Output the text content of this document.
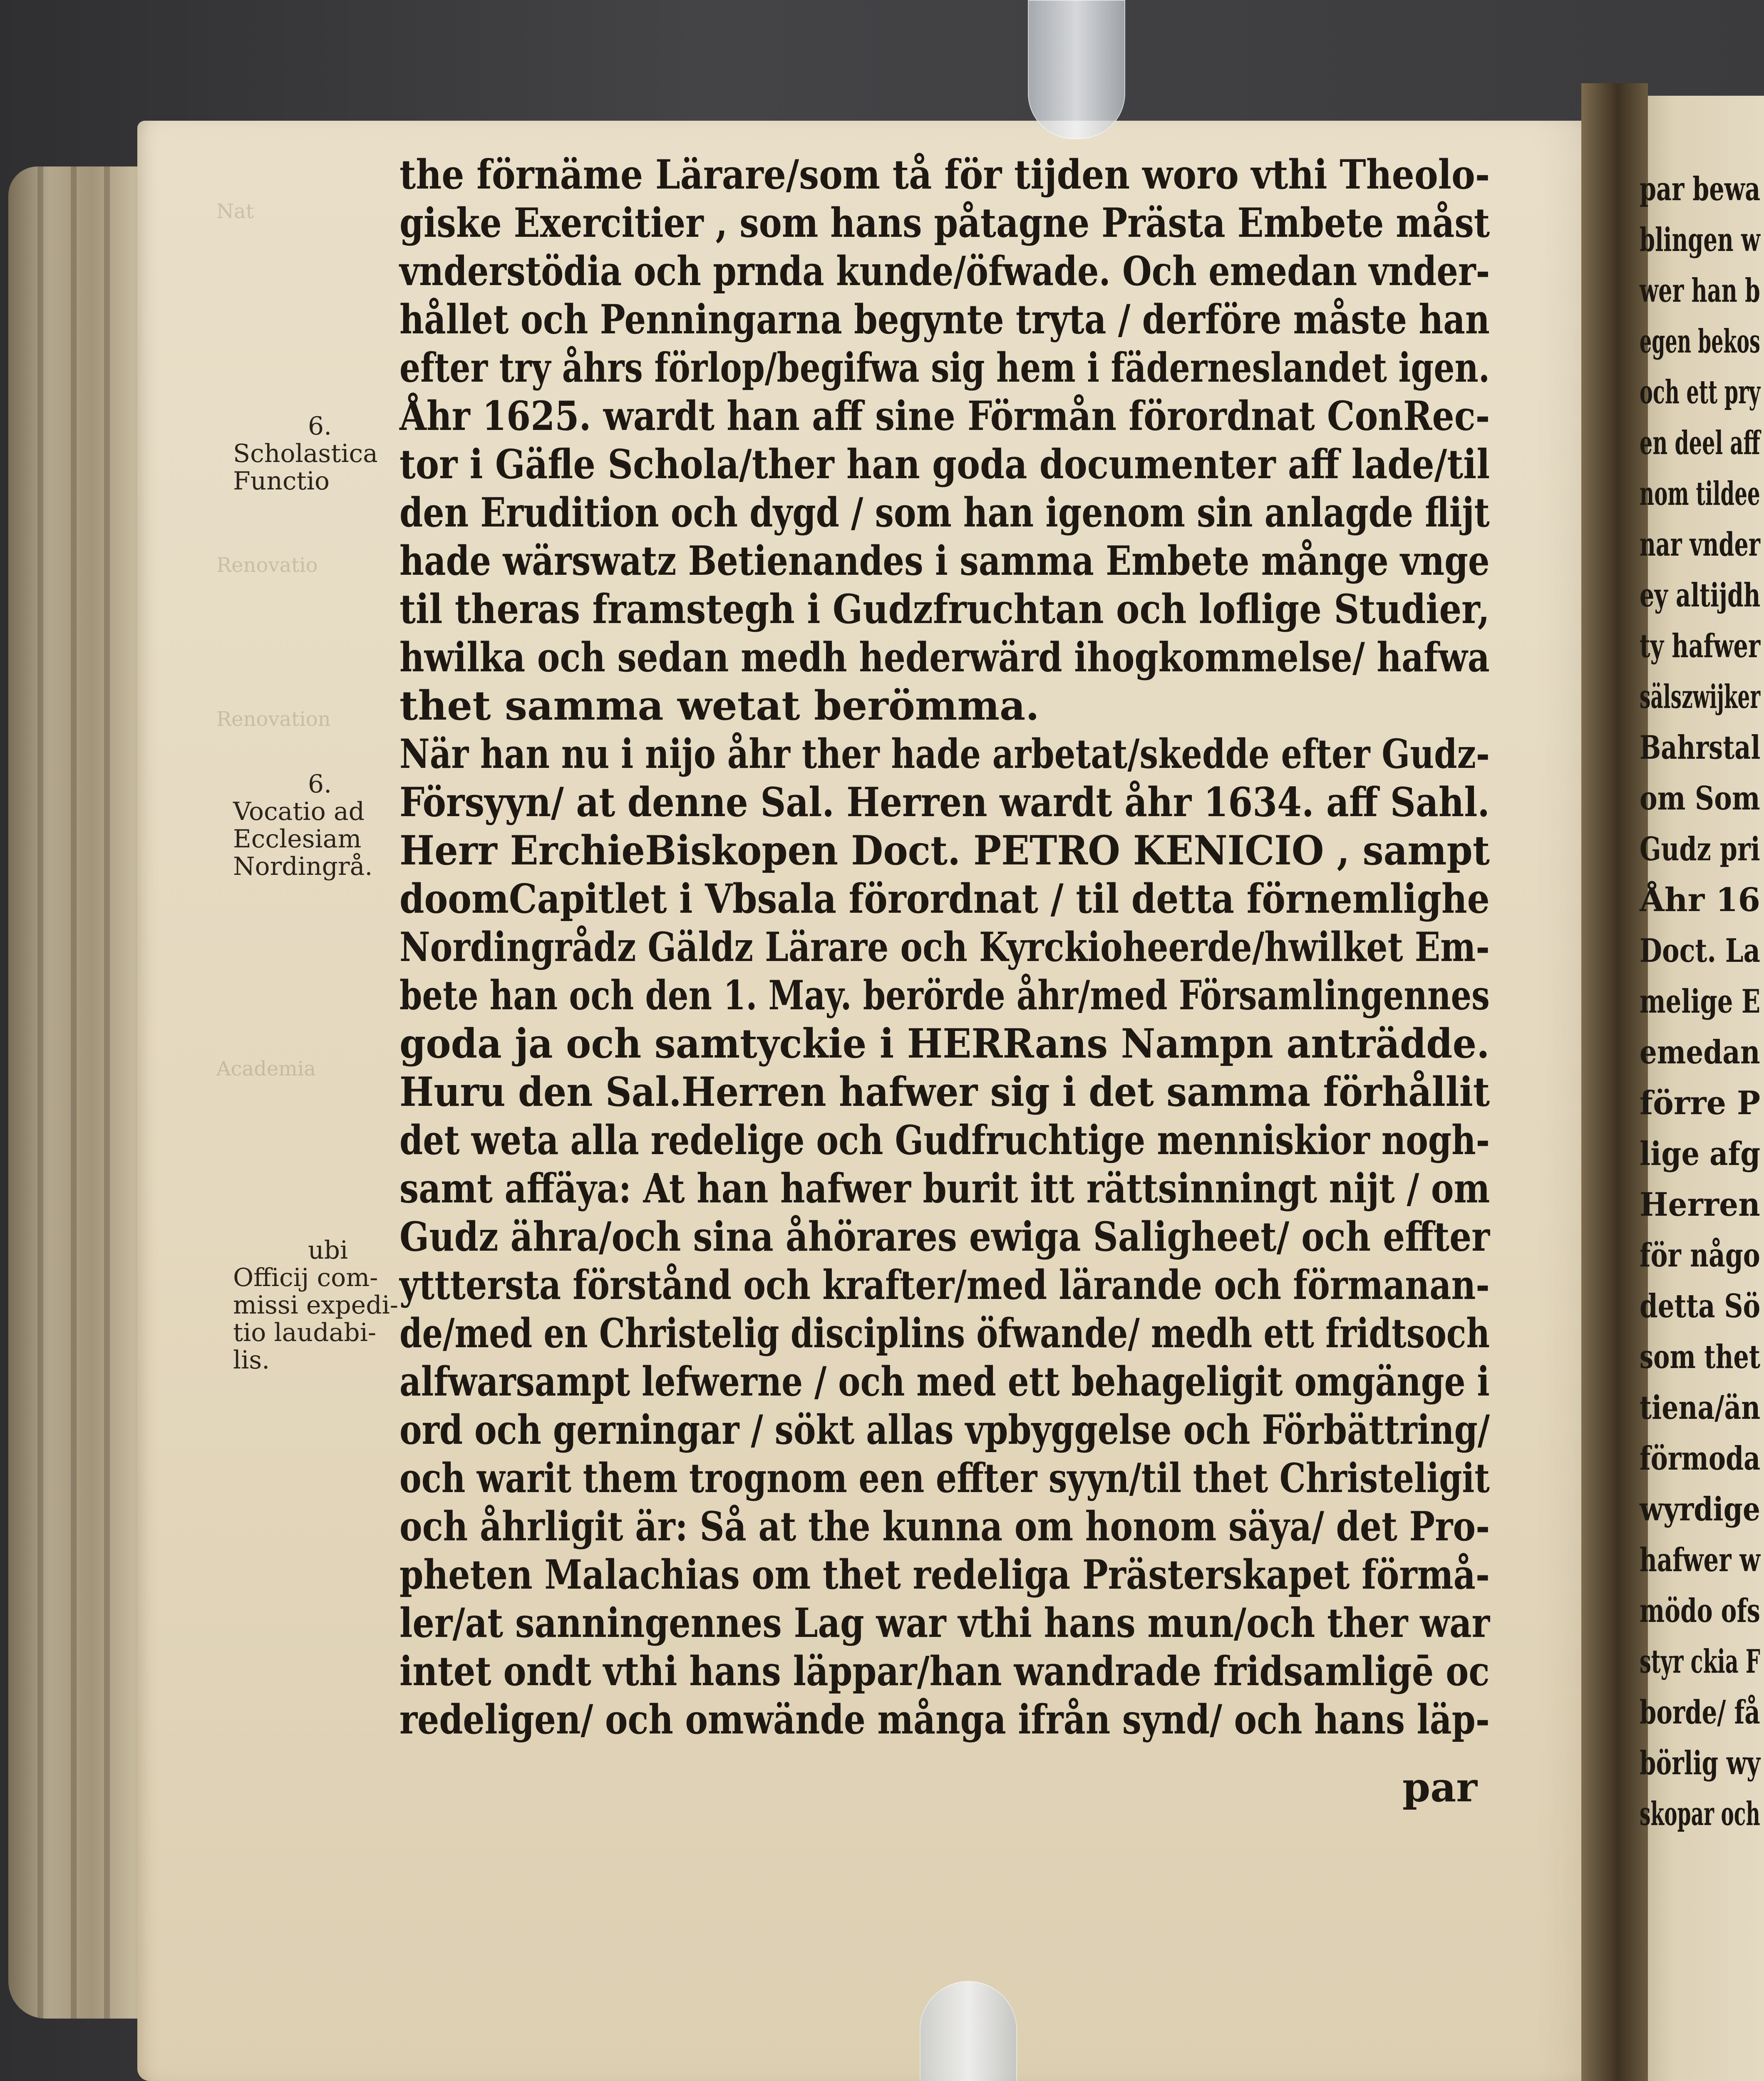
Nat
Renovatio
Renovation
Academia
the förnäme Lärare/som tå för tijden woro vthi Theolo-
giske Exercitier , som hans påtagne Prästa Embete måst
vnderstödia och prnda kunde/öfwade. Och emedan vnder-
hållet och Penningarna begynte tryta / derföre måste han
efter try åhrs förlop/begifwa sig hem i fäderneslandet igen.
Åhr 1625. wardt han aff sine Förmån förordnat ConRec-
tor i Gäfle Schola/ther han goda documenter aff lade/til
den Erudition och dygd / som han igenom sin anlagde flijt
hade wärswatz Betienandes i samma Embete månge vnge
til theras framstegh i Gudzfruchtan och loflige Studier,
hwilka och sedan medh hederwärd ihogkommelse/ hafwa
thet samma wetat berömma.
När han nu i nijo åhr ther hade arbetat/skedde efter Gudz-
Försyyn/ at denne Sal. Herren wardt åhr 1634. aff Sahl.
Herr ErchieBiskopen Doct. PETRO KENICIO , sampt
doomCapitlet i Vbsala förordnat / til detta förnemlighe
Nordingrådz Gäldz Lärare och Kyrckioheerde/hwilket Em-
bete han och den 1. May. berörde åhr/med Församlingennes
goda ja och samtyckie i HERRans Nampn anträdde.
Huru den Sal.Herren hafwer sig i det samma förhållit
det weta alla redelige och Gudfruchtige menniskior nogh-
samt affäya: At han hafwer burit itt rättsinningt nijt / om
Gudz ähra/och sina åhörares ewiga Saligheet/ och effter
ytttersta förstånd och krafter/med lärande och förmanan-
de/med en Christelig disciplins öfwande/ medh ett fridtsoch
alfwarsampt lefwerne / och med ett behageligit omgänge i
ord och gerningar / sökt allas vpbyggelse och Förbättring/
och warit them trognom een effter syyn/til thet Christeligit
och åhrligit är: Så at the kunna om honom säya/ det Pro-
pheten Malachias om thet redeliga Prästerskapet förmå-
ler/at sanningennes Lag war vthi hans mun/och ther war
intet ondt vthi hans läppar/han wandrade fridsamligē oc
redeligen/ och omwände många ifrån synd/ och hans läp-
6.
Scholastica
Functio
6.
Vocatio ad
Ecclesiam
Nordingrå.
ubi
Officij com-
missi expedi-
tio laudabi-
lis.
par
par bewa
blingen w
wer han b
egen bekos
och ett pry
en deel aff
nom tildee
nar vnder
ey altijdh
ty hafwer
sälszwijker
Bahrstal
om Som
Gudz pri
Åhr 16
Doct. La
melige E
emedan
förre P
lige afg
Herren
för någo
detta Sö
som thet
tiena/än
förmoda
wyrdige
hafwer w
mödo ofs
styr ckia F
borde/ få
börlig wy
skopar och
